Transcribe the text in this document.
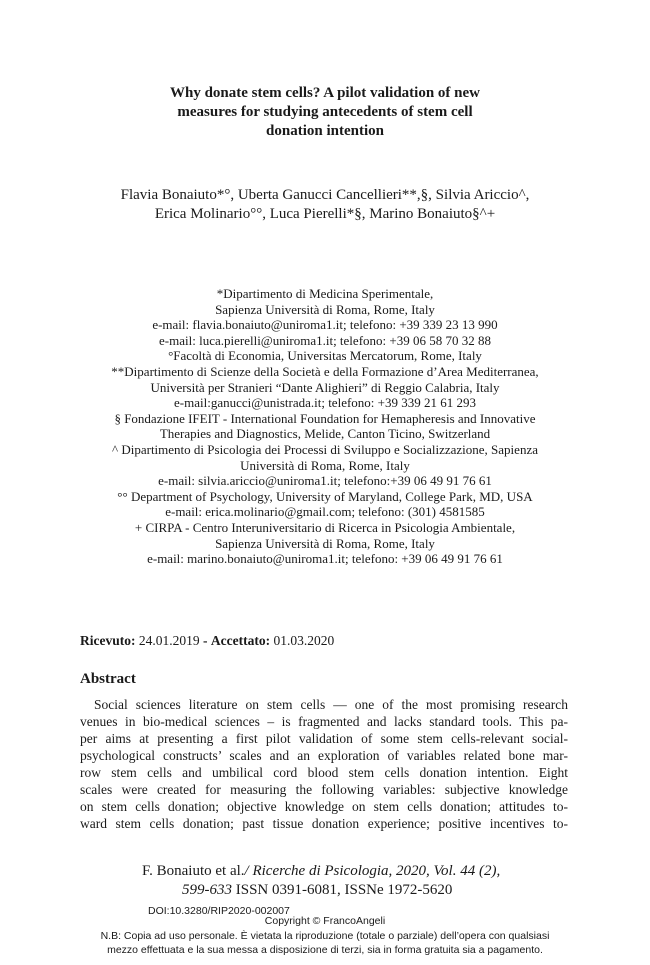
Why donate stem cells? A pilot validation of new
measures for studying antecedents of stem cell
donation intention
Flavia Bonaiuto*°, Uberta Ganucci Cancellieri**,§, Silvia Ariccio^,
Erica Molinario°°, Luca Pierelli*§, Marino Bonaiuto§^+
*Dipartimento di Medicina Sperimentale,
Sapienza Università di Roma, Rome, Italy
e-mail: flavia.bonaiuto@uniroma1.it; telefono: +39 339 23 13 990
e-mail: luca.pierelli@uniroma1.it; telefono: +39 06 58 70 32 88
°Facoltà di Economia, Universitas Mercatorum, Rome, Italy
**Dipartimento di Scienze della Società e della Formazione d’Area Mediterranea,
Università per Stranieri “Dante Alighieri” di Reggio Calabria, Italy
e-mail:ganucci@unistrada.it; telefono: +39 339 21 61 293
§ Fondazione IFEIT - International Foundation for Hemapheresis and Innovative
Therapies and Diagnostics, Melide, Canton Ticino, Switzerland
^ Dipartimento di Psicologia dei Processi di Sviluppo e Socializzazione, Sapienza
Università di Roma, Rome, Italy
e-mail: silvia.ariccio@uniroma1.it; telefono:+39 06 49 91 76 61
°° Department of Psychology, University of Maryland, College Park, MD, USA
e-mail: erica.molinario@gmail.com; telefono: (301) 4581585
+ CIRPA - Centro Interuniversitario di Ricerca in Psicologia Ambientale,
Sapienza Università di Roma, Rome, Italy
e-mail: marino.bonaiuto@uniroma1.it; telefono: +39 06 49 91 76 61
Ricevuto: 24.01.2019 - Accettato: 01.03.2020
Abstract
Social sciences literature on stem cells — one of the most promising research
venues in bio-medical sciences – is fragmented and lacks standard tools. This pa-
per aims at presenting a first pilot validation of some stem cells-relevant social-
psychological constructs’ scales and an exploration of variables related bone mar-
row stem cells and umbilical cord blood stem cells donation intention. Eight
scales were created for measuring the following variables: subjective knowledge
on stem cells donation; objective knowledge on stem cells donation; attitudes to-
ward stem cells donation; past tissue donation experience; positive incentives to-
F. Bonaiuto et al./ Ricerche di Psicologia, 2020, Vol. 44 (2),
599-633 ISSN 0391-6081, ISSNe 1972-5620
DOI:10.3280/RIP2020-002007
Copyright © FrancoAngeli
N.B: Copia ad uso personale. È vietata la riproduzione (totale o parziale) dell’opera con qualsiasi
mezzo effettuata e la sua messa a disposizione di terzi, sia in forma gratuita sia a pagamento.
